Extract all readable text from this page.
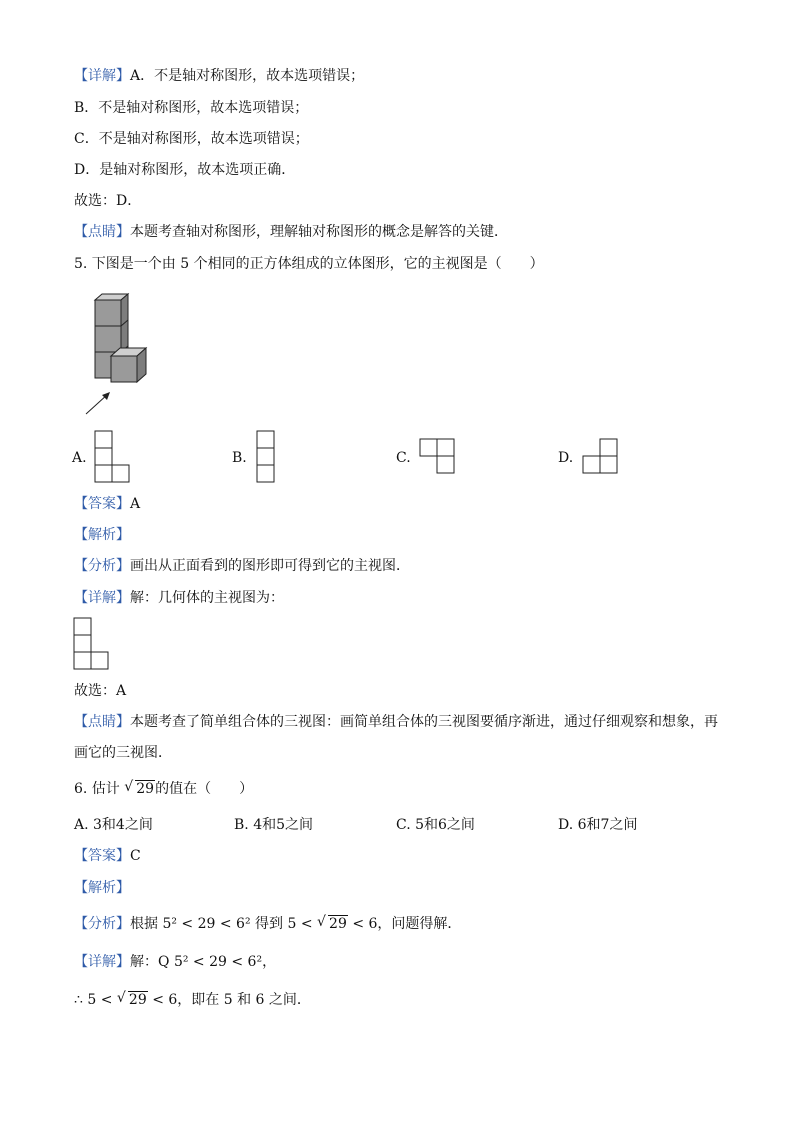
【详解】A．不是轴对称图形，故本选项错误；
B．不是轴对称图形，故本选项错误；
C．不是轴对称图形，故本选项错误；
D．是轴对称图形，故本选项正确．
故选：D．
【点睛】本题考查轴对称图形，理解轴对称图形的概念是解答的关键．
5. 下图是一个由 5 个相同的正方体组成的立体图形，它的主视图是（　　）
A.	B.	C.	D.
【答案】A
【解析】
【分析】画出从正面看到的图形即可得到它的主视图．
【详解】解：几何体的主视图为：
故选：A
【点睛】本题考查了简单组合体的三视图：画简单组合体的三视图要循序渐进，通过仔细观察和想象，再
画它的三视图．
6. 估计 √ 29的值在（　　）
A. 3和4之间	B. 4和5之间	C. 5和6之间	D. 6和7之间
【答案】C
【解析】
【分析】根据 5² < 29 < 6² 得到 5 < √ 29 < 6，问题得解．
【详解】解：Q 5² < 29 < 6²，
∴ 5 < √ 29 < 6，即在 5 和 6 之间．
